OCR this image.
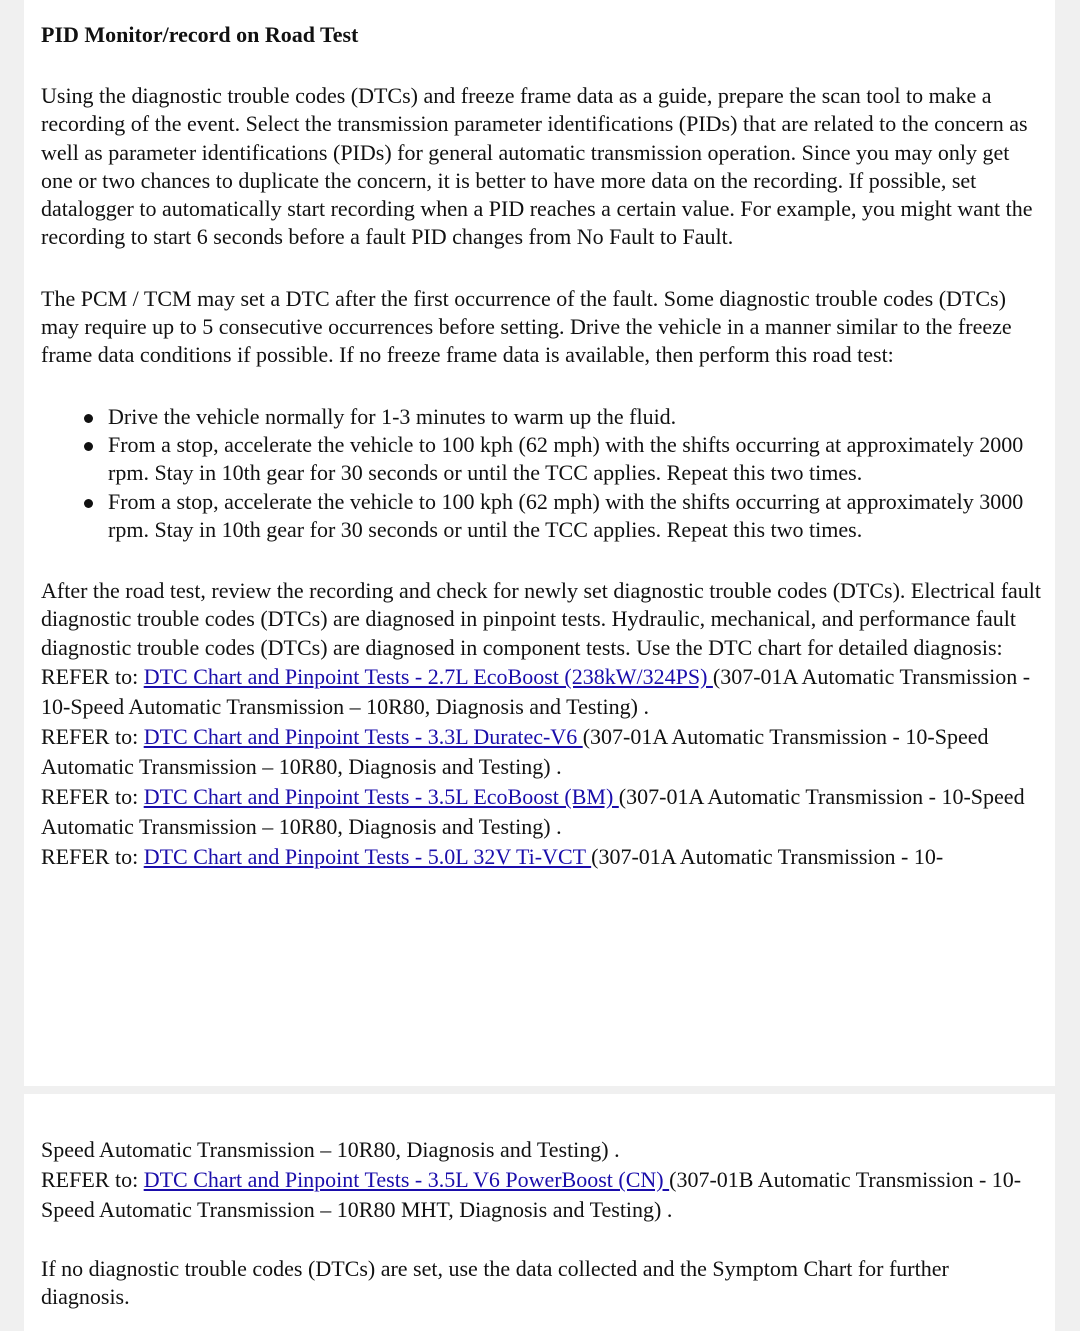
PID Monitor/record on Road Test
Using the diagnostic trouble codes (DTCs) and freeze frame data as a guide, prepare the scan tool to make a recording of the event. Select the transmission parameter identifications (PIDs) that are related to the concern as well as parameter identifications (PIDs) for general automatic transmission operation. Since you may only get one or two chances to duplicate the concern, it is better to have more data on the recording. If possible, set datalogger to automatically start recording when a PID reaches a certain value. For example, you might want the recording to start 6 seconds before a fault PID changes from No Fault to Fault.
The PCM / TCM may set a DTC after the first occurrence of the fault. Some diagnostic trouble codes (DTCs) may require up to 5 consecutive occurrences before setting. Drive the vehicle in a manner similar to the freeze frame data conditions if possible. If no freeze frame data is available, then perform this road test:
Drive the vehicle normally for 1-3 minutes to warm up the fluid.
From a stop, accelerate the vehicle to 100 kph (62 mph) with the shifts occurring at approximately 2000 rpm. Stay in 10th gear for 30 seconds or until the TCC applies. Repeat this two times.
From a stop, accelerate the vehicle to 100 kph (62 mph) with the shifts occurring at approximately 3000 rpm. Stay in 10th gear for 30 seconds or until the TCC applies. Repeat this two times.
After the road test, review the recording and check for newly set diagnostic trouble codes (DTCs). Electrical fault diagnostic trouble codes (DTCs) are diagnosed in pinpoint tests. Hydraulic, mechanical, and performance fault diagnostic trouble codes (DTCs) are diagnosed in component tests. Use the DTC chart for detailed diagnosis:
REFER to: DTC Chart and Pinpoint Tests - 2.7L EcoBoost (238kW/324PS) (307-01A Automatic Transmission - 10-Speed Automatic Transmission – 10R80, Diagnosis and Testing) .
REFER to: DTC Chart and Pinpoint Tests - 3.3L Duratec-V6 (307-01A Automatic Transmission - 10-Speed Automatic Transmission – 10R80, Diagnosis and Testing) .
REFER to: DTC Chart and Pinpoint Tests - 3.5L EcoBoost (BM) (307-01A Automatic Transmission - 10-Speed Automatic Transmission – 10R80, Diagnosis and Testing) .
REFER to: DTC Chart and Pinpoint Tests - 5.0L 32V Ti-VCT (307-01A Automatic Transmission - 10-
Speed Automatic Transmission – 10R80, Diagnosis and Testing) .
REFER to: DTC Chart and Pinpoint Tests - 3.5L V6 PowerBoost (CN) (307-01B Automatic Transmission - 10-Speed Automatic Transmission – 10R80 MHT, Diagnosis and Testing) .
If no diagnostic trouble codes (DTCs) are set, use the data collected and the Symptom Chart for further diagnosis.
